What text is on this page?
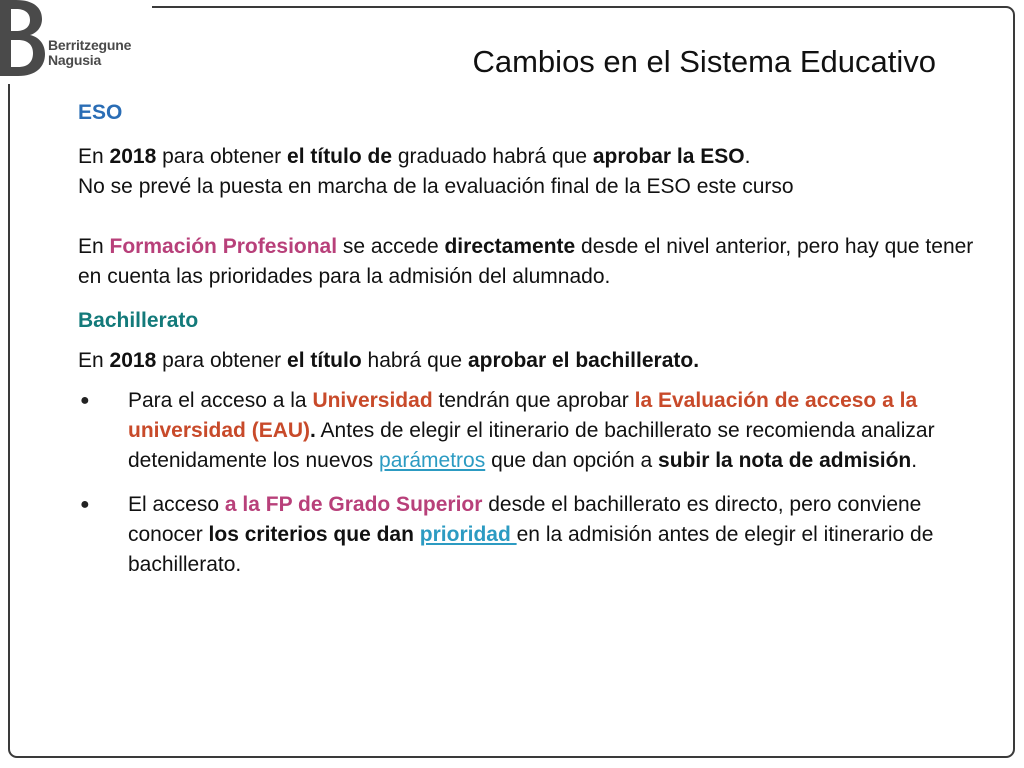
Berritzegune
Nagusia	Cambios en el Sistema Educativo
ESO

En 2018 para obtener el título de graduado habrá que aprobar la ESO.

No se prevé la puesta en marcha de la evaluación final de la ESO este curso

En Formación Profesional se accede directamente desde el nivel anterior, pero hay que tener en cuenta las prioridades para la admisión del alumnado.

Bachillerato

En 2018 para obtener el título habrá que aprobar el bachillerato.

● Para el acceso a la Universidad tendrán que aprobar la Evaluación de acceso a la universidad (EAU). Antes de elegir el itinerario de bachillerato se recomienda analizar detenidamente los nuevos parámetros que dan opción a subir la nota de admisión.
● El acceso a la FP de Grado Superior desde el bachillerato es directo, pero conviene conocer los criterios que dan prioridad en la admisión antes de elegir el itinerario de bachillerato.
